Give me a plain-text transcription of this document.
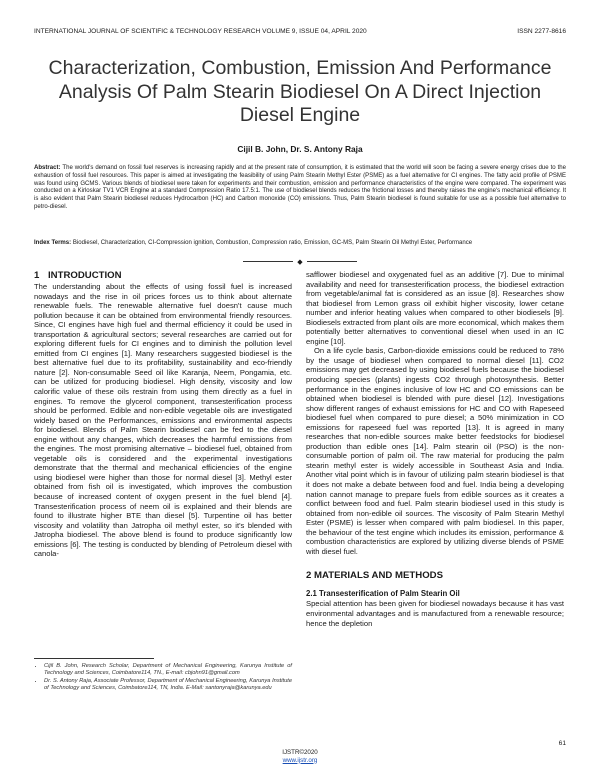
INTERNATIONAL JOURNAL OF SCIENTIFIC & TECHNOLOGY RESEARCH VOLUME 9, ISSUE 04, APRIL 2020	ISSN 2277-8616
Characterization, Combustion, Emission And Performance Analysis Of Palm Stearin Biodiesel On A Direct Injection Diesel Engine
Cijil B. John, Dr. S. Antony Raja
Abstract: The world's demand on fossil fuel reserves is increasing rapidly and at the present rate of consumption, it is estimated that the world will soon be facing a severe energy crises due to the exhaustion of fossil fuel resources. This paper is aimed at investigating the feasibility of using Palm Stearin Methyl Ester (PSME) as a fuel alternative for CI engines. The fatty acid profile of PSME was found using GCMS. Various blends of biodiesel were taken for experiments and their combustion, emission and performance characteristics of the engine were compared. The experiment was conducted on a Kirloskar TV1 VCR Engine at a standard Compression Ratio 17.5:1. The use of biodiesel blends reduces the frictional losses and thereby raises the engine's mechanical efficiency. It is also evident that Palm Stearin biodiesel reduces Hydrocarbon (HC) and Carbon monoxide (CO) emissions. Thus, Palm Stearin biodiesel is found suitable for use as a possible fuel alternative to petro-diesel.
Index Terms: Biodiesel, Characterization, CI-Compression ignition, Combustion, Compression ratio, Emission, GC-MS, Palm Stearin Oil Methyl Ester, Performance
◆
1 INTRODUCTION

The understanding about the effects of using fossil fuel is increased nowadays and the rise in oil prices forces us to think about alternate renewable fuels. The renewable alternative fuel doesn't cause much pollution because it can be obtained from environmental friendly resources. Since, CI engines have high fuel and thermal efficiency it could be used in transportation & agricultural sectors; several researches are carried out for exploring different fuels for CI engines and to diminish the pollution level emitted from CI engines [1]. Many researchers suggested biodiesel is the best alternative fuel due to its profitability, sustainability and eco-friendly nature [2]. Non-consumable Seed oil like Karanja, Neem, Pongamia, etc. can be utilized for producing biodiesel. High density, viscosity and low calorific value of these oils restrain from using them directly as a fuel in engines. To remove the glycerol component, transesterification process should be performed. Edible and non-edible vegetable oils are investigated widely based on the Performances, emissions and environmental aspects for biodiesel. Blends of Palm Stearin biodiesel can be fed to the diesel engine without any changes, which decreases the harmful emissions from the engines. The most promising alternative – biodiesel fuel, obtained from vegetable oils is considered and the experimental investigations demonstrate that the thermal and mechanical efficiencies of the engine using biodiesel were higher than those for normal diesel [3]. Methyl ester obtained from fish oil is investigated, which improves the combustion because of increased content of oxygen present in the fuel blend [4]. Transesterification process of neem oil is explained and their blends are found to illustrate higher BTE than diesel [5]. Turpentine oil has better viscosity and volatility than Jatropha oil methyl ester, so it's blended with Jatropha biodiesel. The above blend is found to produce significantly low emissions [6]. The testing is conducted by blending of Petroleum diesel with canola-

safflower biodiesel and oxygenated fuel as an additive [7]. Due to minimal availability and need for transesterification process, the biodiesel extraction from vegetable/animal fat is considered as an issue [8]. Researches show that biodiesel from Lemon grass oil exhibit higher viscosity, lower cetane number and inferior heating values when compared to other biodiesels [9]. Biodiesels extracted from plant oils are more economical, which makes them potentially better alternatives to conventional diesel when used in an IC engine [10].

On a life cycle basis, Carbon-dioxide emissions could be reduced to 78% by the usage of biodiesel when compared to normal diesel [11]. CO2 emissions may get decreased by using biodiesel fuels because the biodiesel producing species (plants) ingests CO2 through photosynthesis. Better performance in the engines inclusive of low HC and CO emissions can be obtained when biodiesel is blended with pure diesel [12]. Investigations show different ranges of exhaust emissions for HC and CO with Rapeseed biodiesel fuel when compared to pure diesel; a 50% minimization in CO emissions for rapeseed fuel was reported [13]. It is agreed in many researches that non-edible sources make better feedstocks for biodiesel production than edible ones [14]. Palm stearin oil (PSO) is the non-consumable portion of palm oil. The raw material for producing the palm stearin methyl ester is widely accessible in Southeast Asia and India. Another vital point which is in favour of utilizing palm stearin biodiesel is that it does not make a debate between food and fuel. India being a developing nation cannot manage to prepare fuels from edible sources as it creates a conflict between food and fuel. Palm stearin biodiesel used in this study is obtained from non-edible oil sources. The viscosity of Palm Stearin Methyl Ester (PSME) is lesser when compared with palm biodiesel. In this paper, the behaviour of the test engine which includes its emission, performance & combustion characteristics are explored by utilizing diverse blends of PSME with diesel fuel.

2 MATERIALS AND METHODS
2.1 Transesterification of Palm Stearin Oil

Special attention has been given for biodiesel nowadays because it has vast environmental advantages and is manufactured from a renewable resource; hence the depletion

• Cijil B. John, Research Scholar, Department of Mechanical Engineering, Karunya Institute of Technology and Sciences, Coimbatore114, TN., E-mail: cbjohn91@gmail.com
• Dr. S. Antony Raja, Associate Professor, Department of Mechanical Engineering, Karunya Institute of Technology and Sciences, Coimbatore114, TN, India. E-Mail: santonyraja@karunya.edu
61
IJSTR©2020
www.ijstr.org
